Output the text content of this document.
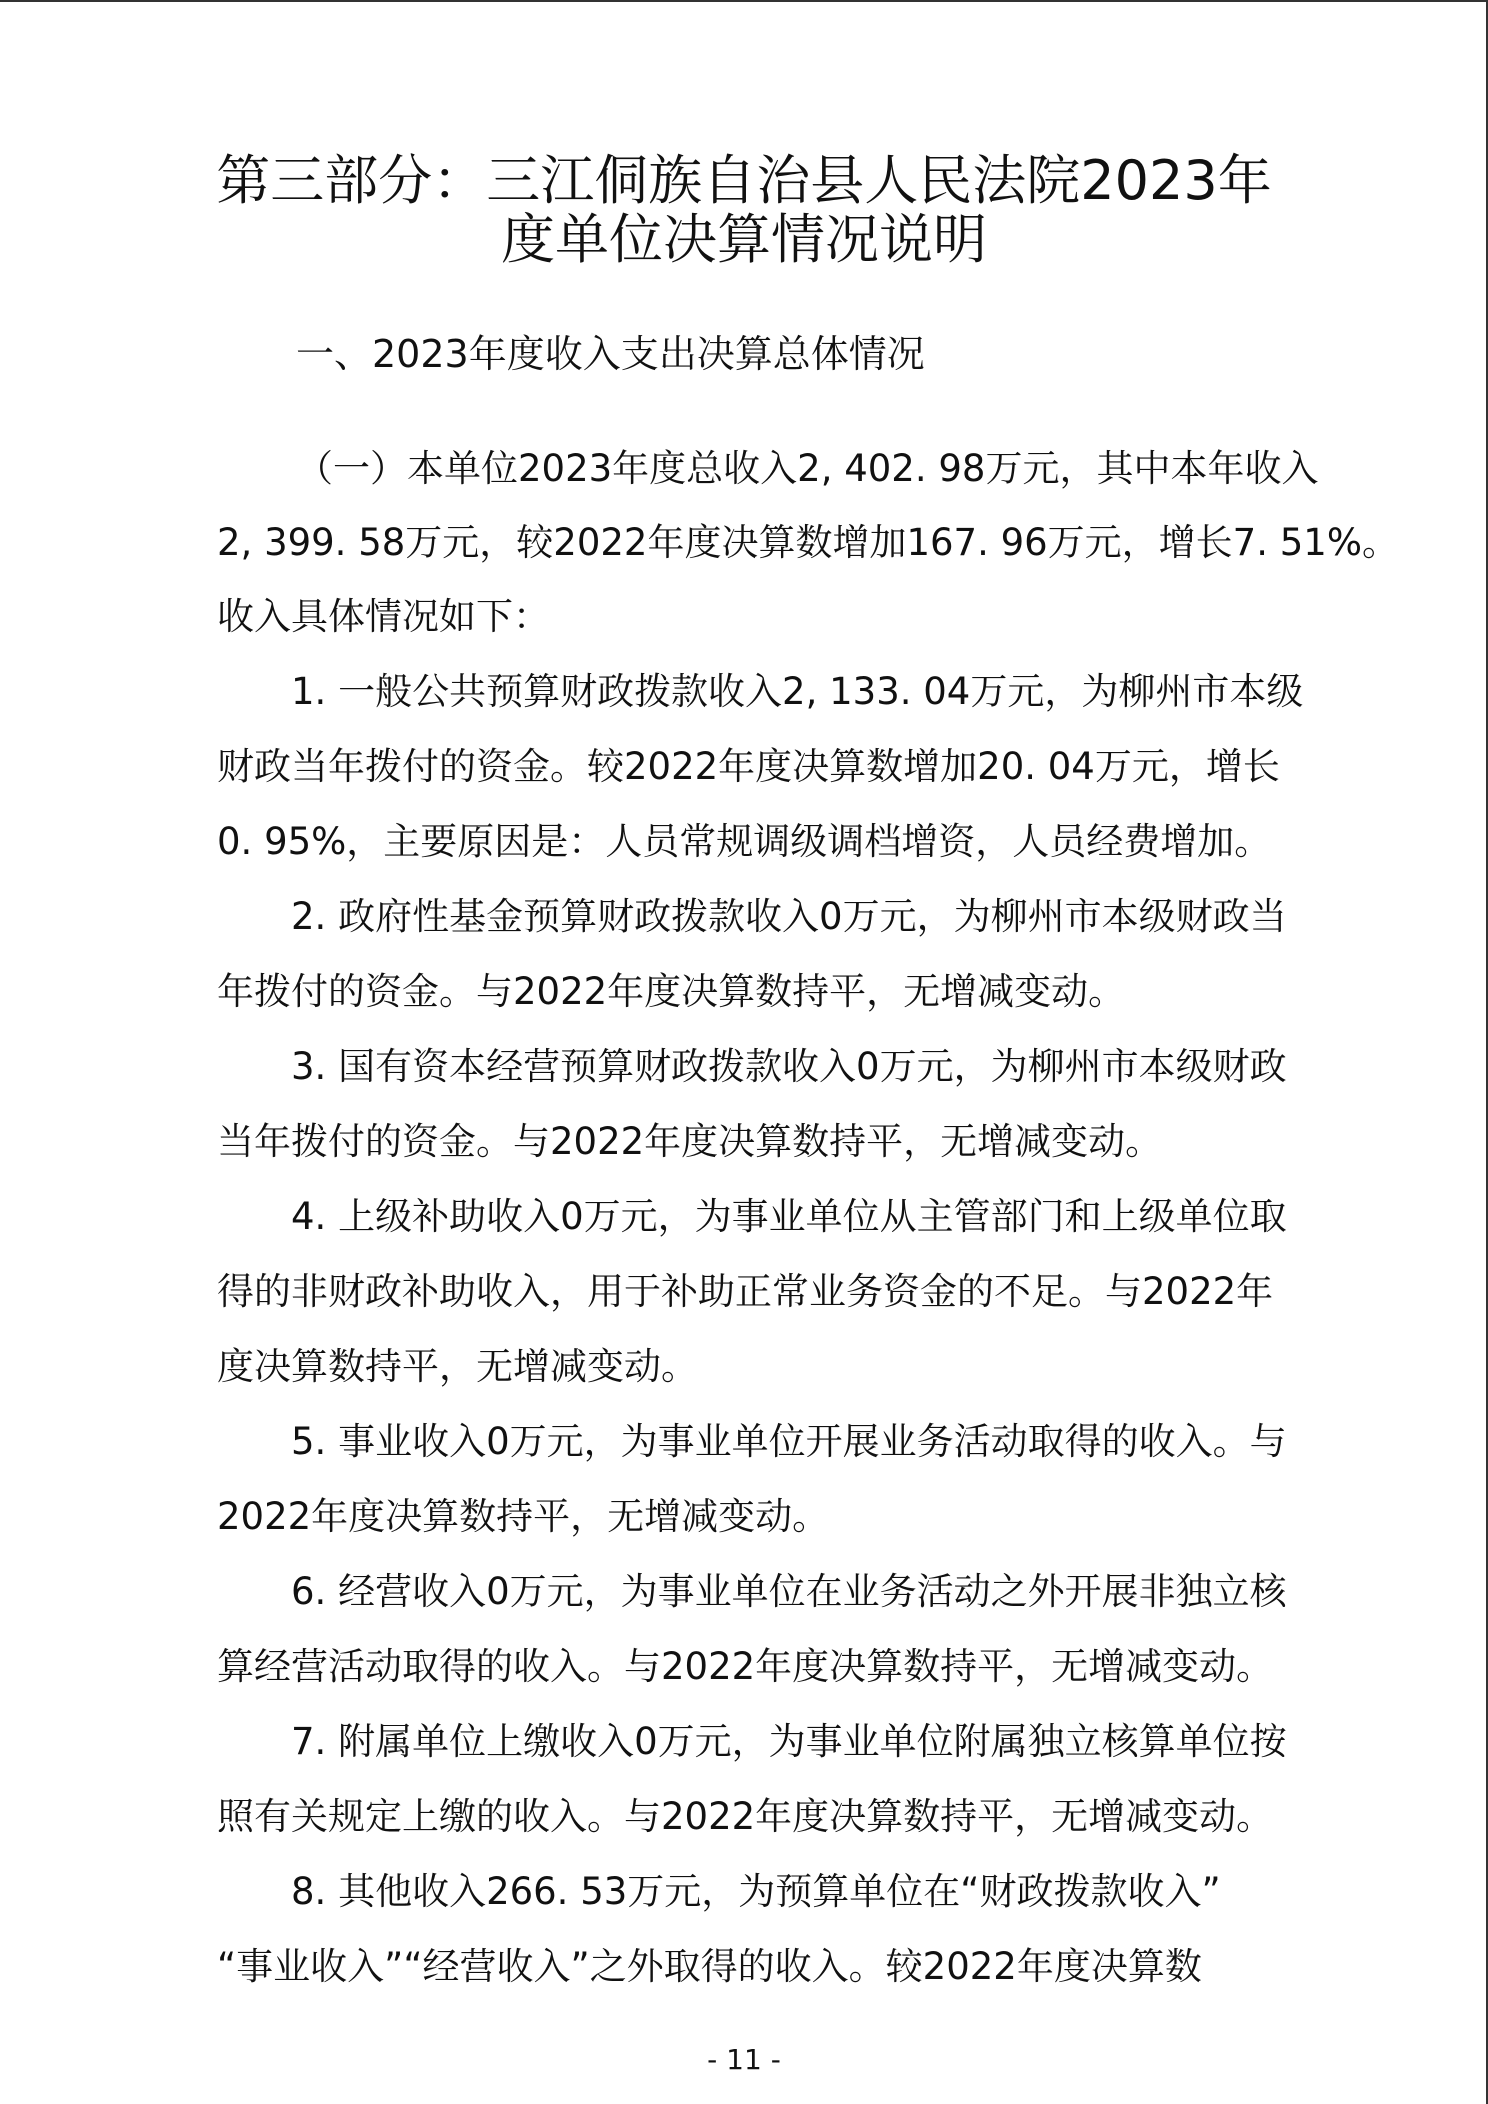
第三部分：三江侗族自治县人民法院2023年
度单位决算情况说明
一、2023年度收入支出决算总体情况
（一）本单位2023年度总收入2, 402. 98万元，其中本年收入
2, 399. 58万元，较2022年度决算数增加167. 96万元，增长7. 51%。
收入具体情况如下：
1. 一般公共预算财政拨款收入2, 133. 04万元，为柳州市本级
财政当年拨付的资金。较2022年度决算数增加20. 04万元，增长
0. 95%，主要原因是：人员常规调级调档增资，人员经费增加。
2. 政府性基金预算财政拨款收入0万元，为柳州市本级财政当
年拨付的资金。与2022年度决算数持平，无增减变动。
3. 国有资本经营预算财政拨款收入0万元，为柳州市本级财政
当年拨付的资金。与2022年度决算数持平，无增减变动。
4. 上级补助收入0万元，为事业单位从主管部门和上级单位取
得的非财政补助收入，用于补助正常业务资金的不足。与2022年
度决算数持平，无增减变动。
5. 事业收入0万元，为事业单位开展业务活动取得的收入。与
2022年度决算数持平，无增减变动。
6. 经营收入0万元，为事业单位在业务活动之外开展非独立核
算经营活动取得的收入。与2022年度决算数持平，无增减变动。
7. 附属单位上缴收入0万元，为事业单位附属独立核算单位按
照有关规定上缴的收入。与2022年度决算数持平，无增减变动。
8. 其他收入266. 53万元，为预算单位在“财政拨款收入”
“事业收入”“经营收入”之外取得的收入。较2022年度决算数
- 11 -
